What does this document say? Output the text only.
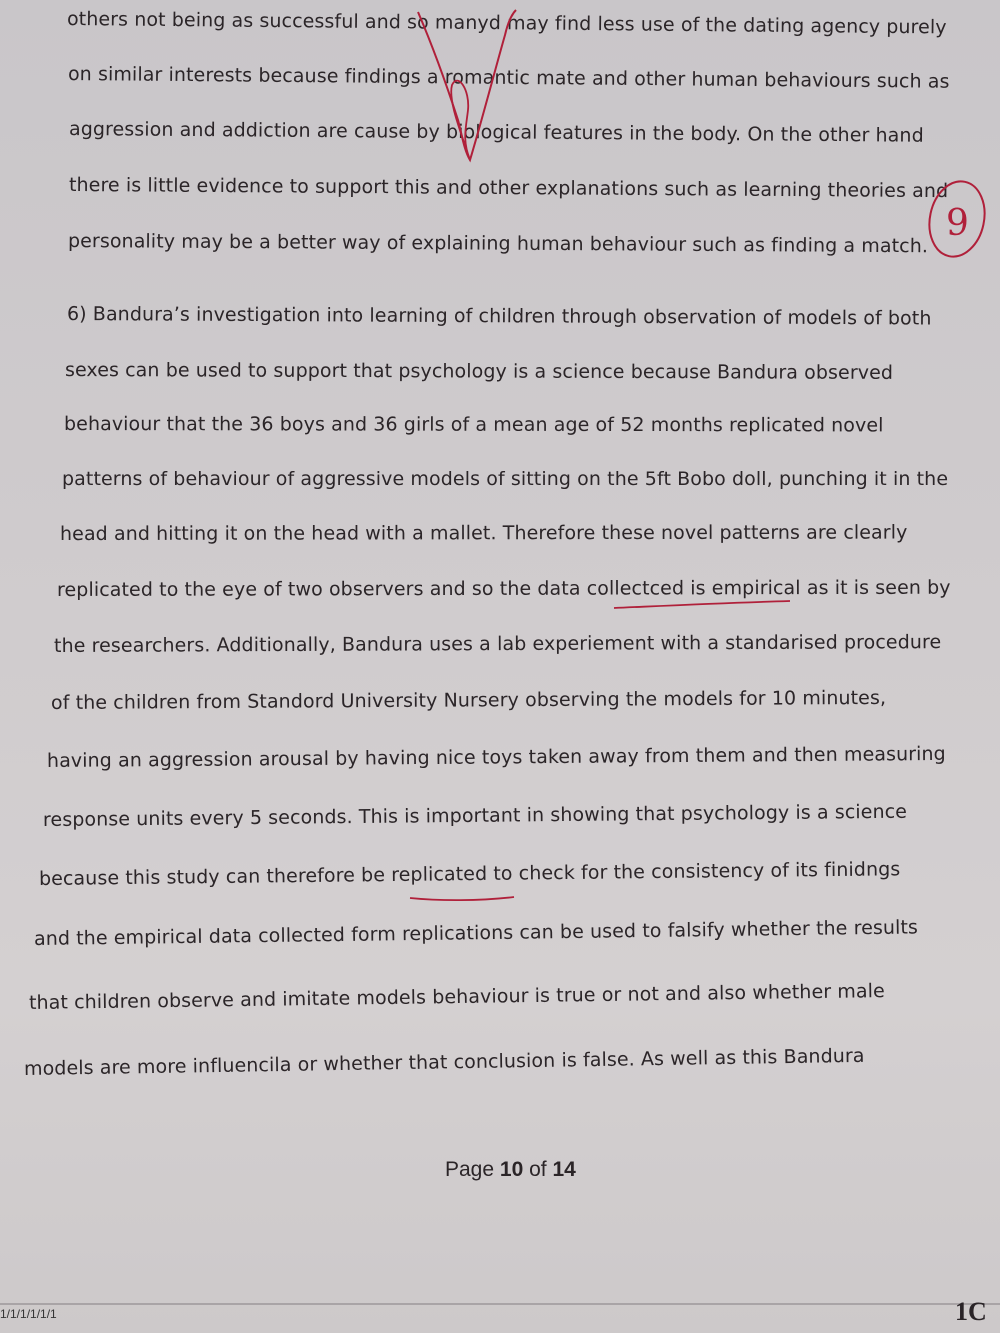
others not being as successful and so manyd may find less use of the dating agency purely
on similar interests because findings a romantic mate and other human behaviours such as
aggression and addiction are cause by biological features in the body. On the other hand
there is little evidence to support this and other explanations such as learning theories and
personality may be a better way of explaining human behaviour such as finding a match.
6) Bandura’s investigation into learning of children through observation of models of both
sexes can be used to support that psychology is a science because Bandura observed
behaviour that the 36 boys and 36 girls of a mean age of 52 months replicated novel
patterns of behaviour of aggressive models of sitting on the 5ft Bobo doll, punching it in the
head and hitting it on the head with a mallet. Therefore these novel patterns are clearly
replicated to the eye of two observers and so the data collectced is empirical as it is seen by
the researchers. Additionally, Bandura uses a lab experiement with a standarised procedure
of the children from Standord University Nursery observing the models for 10 minutes,
having an aggression arousal by having nice toys taken away from them and then measuring
response units every 5 seconds. This is important in showing that psychology is a science
because this study can therefore be replicated to check for the consistency of its finidngs
and the empirical data collected form replications can be used to falsify whether the results
that children observe and imitate models behaviour is true or not and also whether male
models are more influencila or whether that conclusion is false. As well as this Bandura
Page 10 of 14
1/1/1/1/1/1	1C
9
